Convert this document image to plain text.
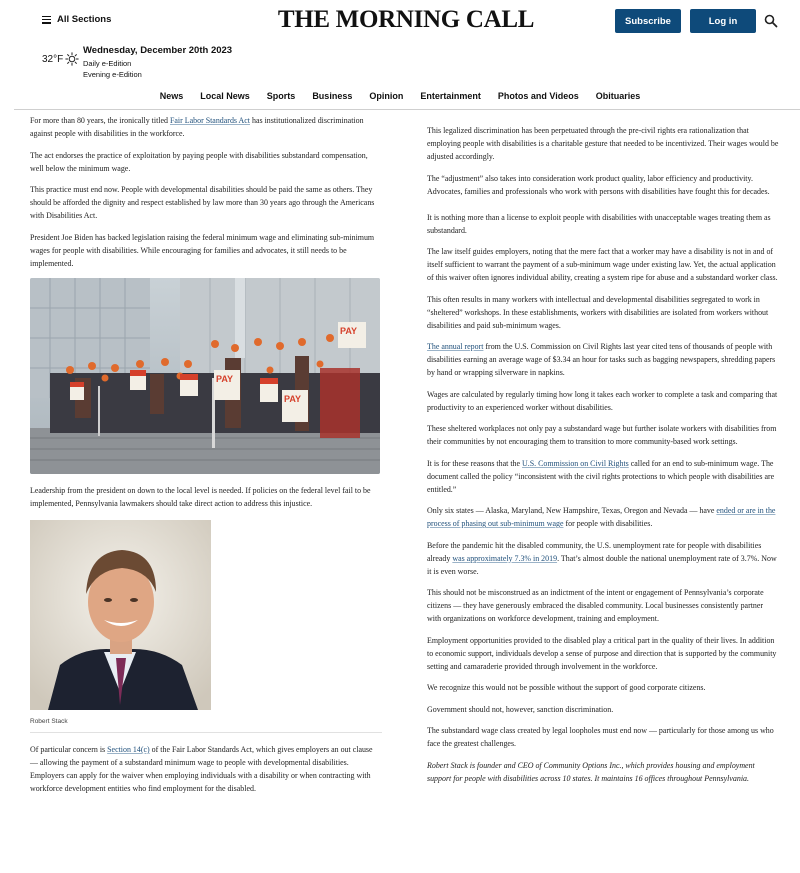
All Sections	THE MORNING CALL	Subscribe	Log in
32°F
Wednesday, December 20th 2023
Daily e-Edition
Evening e-Edition
News Local News Sports Business Opinion Entertainment Photos and Videos Obituaries

For more than 80 years, the ironically titled Fair Labor Standards Act has institutionalized discrimination against people with disabilities in the workforce.

The act endorses the practice of exploitation by paying people with disabilities substandard compensation, well below the minimum wage.

This practice must end now. People with developmental disabilities should be paid the same as others. They should be afforded the dignity and respect established by law more than 30 years ago through the Americans with Disabilities Act.

President Joe Biden has backed legislation raising the federal minimum wage and eliminating sub-minimum wages for people with disabilities. While encouraging for families and advocates, it still needs to be implemented.

PAY
PAY
PAY

Leadership from the president on down to the local level is needed. If policies on the federal level fail to be implemented, Pennsylvania lawmakers should take direct action to address this injustice.

Robert Stack

Of particular concern is Section 14(c) of the Fair Labor Standards Act, which gives employers an out clause — allowing the payment of a substandard minimum wage to people with developmental disabilities. Employers can apply for the waiver when employing individuals with a disability or when contracting with workforce development entities who find employment for the disabled.

This legalized discrimination has been perpetuated through the pre-civil rights era rationalization that employing people with disabilities is a charitable gesture that needed to be incentivized. Their wages would be adjusted accordingly.

The “adjustment” also takes into consideration work product quality, labor efficiency and productivity. Advocates, families and professionals who work with persons with disabilities have fought this for decades.

It is nothing more than a license to exploit people with disabilities with unacceptable wages treating them as substandard.

The law itself guides employers, noting that the mere fact that a worker may have a disability is not in and of itself sufficient to warrant the payment of a sub-minimum wage under existing law. Yet, the actual application of this waiver often ignores individual ability, creating a system ripe for abuse and a substandard worker class.

This often results in many workers with intellectual and developmental disabilities segregated to work in “sheltered” workshops. In these establishments, workers with disabilities are isolated from workers without disabilities and paid sub-minimum wages.

The annual report from the U.S. Commission on Civil Rights last year cited tens of thousands of people with disabilities earning an average wage of $3.34 an hour for tasks such as bagging newspapers, shredding papers by hand or wrapping silverware in napkins.

Wages are calculated by regularly timing how long it takes each worker to complete a task and comparing that productivity to an experienced worker without disabilities.

These sheltered workplaces not only pay a substandard wage but further isolate workers with disabilities from their communities by not encouraging them to transition to more community-based work settings.

It is for these reasons that the U.S. Commission on Civil Rights called for an end to sub-minimum wage. The document called the policy “inconsistent with the civil rights protections to which people with disabilities are entitled.”

Only six states — Alaska, Maryland, New Hampshire, Texas, Oregon and Nevada — have ended or are in the process of phasing out sub-minimum wage for people with disabilities.

Before the pandemic hit the disabled community, the U.S. unemployment rate for people with disabilities already was approximately 7.3% in 2019. That’s almost double the national unemployment rate of 3.7%. Now it is even worse.

This should not be misconstrued as an indictment of the intent or engagement of Pennsylvania’s corporate citizens — they have generously embraced the disabled community. Local businesses consistently partner with organizations on workforce development, training and employment.

Employment opportunities provided to the disabled play a critical part in the quality of their lives. In addition to economic support, individuals develop a sense of purpose and direction that is supported by the community setting and camaraderie provided through involvement in the workforce.

We recognize this would not be possible without the support of good corporate citizens.

Government should not, however, sanction discrimination.

The substandard wage class created by legal loopholes must end now — particularly for those among us who face the greatest challenges.

Robert Stack is founder and CEO of Community Options Inc., which provides housing and employment support for people with disabilities across 10 states. It maintains 16 offices throughout Pennsylvania.
